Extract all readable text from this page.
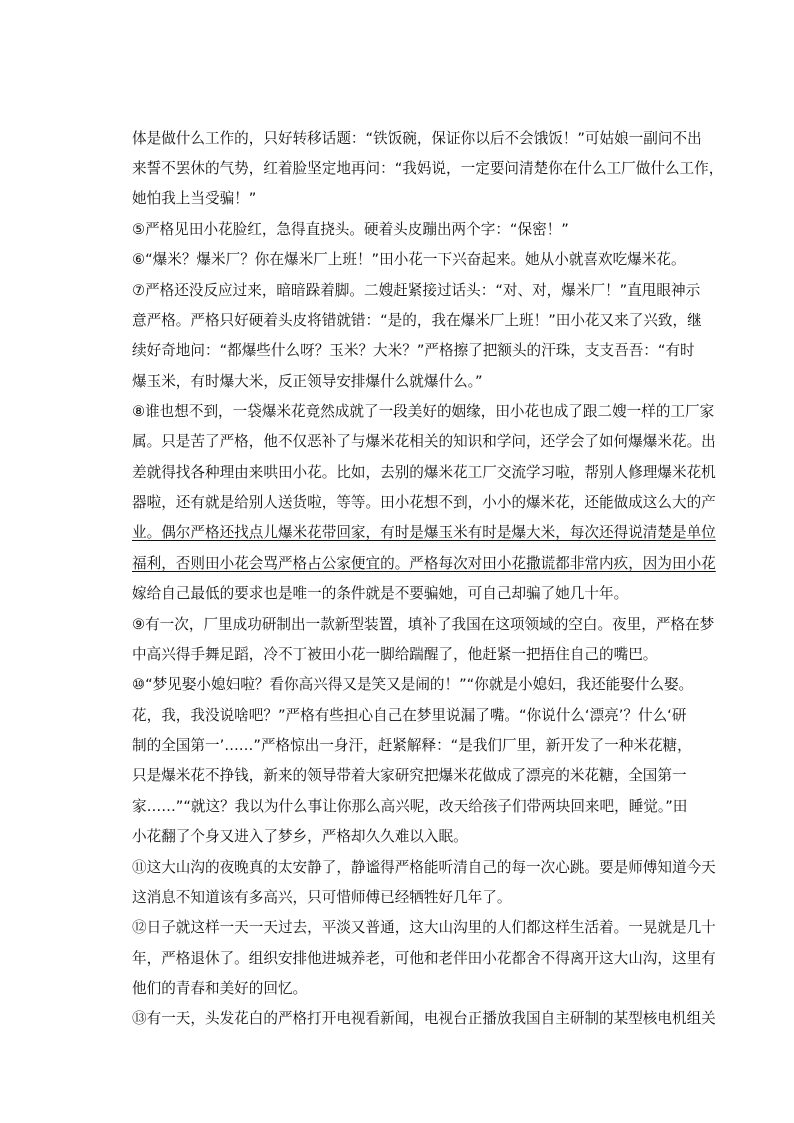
体是做什么工作的，只好转移话题：“铁饭碗，保证你以后不会饿饭！”可姑娘一副问不出
来誓不罢休的气势，红着脸坚定地再问：“我妈说，一定要问清楚你在什么工厂做什么工作，
她怕我上当受骗！”
⑤严格见田小花脸红，急得直挠头。硬着头皮蹦出两个字：“保密！”
⑥“爆米？爆米厂？你在爆米厂上班！”田小花一下兴奋起来。她从小就喜欢吃爆米花。
⑦严格还没反应过来，暗暗跺着脚。二嫂赶紧接过话头：“对、对，爆米厂！”直甩眼神示
意严格。严格只好硬着头皮将错就错：“是的，我在爆米厂上班！”田小花又来了兴致，继
续好奇地问：“都爆些什么呀？玉米？大米？”严格擦了把额头的汗珠，支支吾吾：“有时
爆玉米，有时爆大米，反正领导安排爆什么就爆什么。”
⑧谁也想不到，一袋爆米花竟然成就了一段美好的姻缘，田小花也成了跟二嫂一样的工厂家
属。只是苦了严格，他不仅恶补了与爆米花相关的知识和学问，还学会了如何爆爆米花。出
差就得找各种理由来哄田小花。比如，去别的爆米花工厂交流学习啦，帮别人修理爆米花机
器啦，还有就是给别人送货啦，等等。田小花想不到，小小的爆米花，还能做成这么大的产
业。偶尔严格还找点儿爆米花带回家，有时是爆玉米有时是爆大米，每次还得说清楚是单位
福利，否则田小花会骂严格占公家便宜的。严格每次对田小花撒谎都非常内疚，因为田小花
嫁给自己最低的要求也是唯一的条件就是不要骗她，可自己却骗了她几十年。
⑨有一次，厂里成功研制出一款新型装置，填补了我国在这项领域的空白。夜里，严格在梦
中高兴得手舞足蹈，冷不丁被田小花一脚给踹醒了，他赶紧一把捂住自己的嘴巴。
⑩“梦见娶小媳妇啦？看你高兴得又是笑又是闹的！”“你就是小媳妇，我还能娶什么娶。
花，我，我没说啥吧？”严格有些担心自己在梦里说漏了嘴。“你说什么‘漂亮’？什么‘研
制的全国第一’……”严格惊出一身汗，赶紧解释：“是我们厂里，新开发了一种米花糖，
只是爆米花不挣钱，新来的领导带着大家研究把爆米花做成了漂亮的米花糖，全国第一
家……”“就这？我以为什么事让你那么高兴呢，改天给孩子们带两块回来吧，睡觉。”田
小花翻了个身又进入了梦乡，严格却久久难以入眠。
⑪这大山沟的夜晚真的太安静了，静谧得严格能听清自己的每一次心跳。要是师傅知道今天
这消息不知道该有多高兴，只可惜师傅已经牺牲好几年了。
⑫日子就这样一天一天过去，平淡又普通，这大山沟里的人们都这样生活着。一晃就是几十
年，严格退休了。组织安排他进城养老，可他和老伴田小花都舍不得离开这大山沟，这里有
他们的青春和美好的回忆。
⑬有一天，头发花白的严格打开电视看新闻，电视台正播放我国自主研制的某型核电机组关
